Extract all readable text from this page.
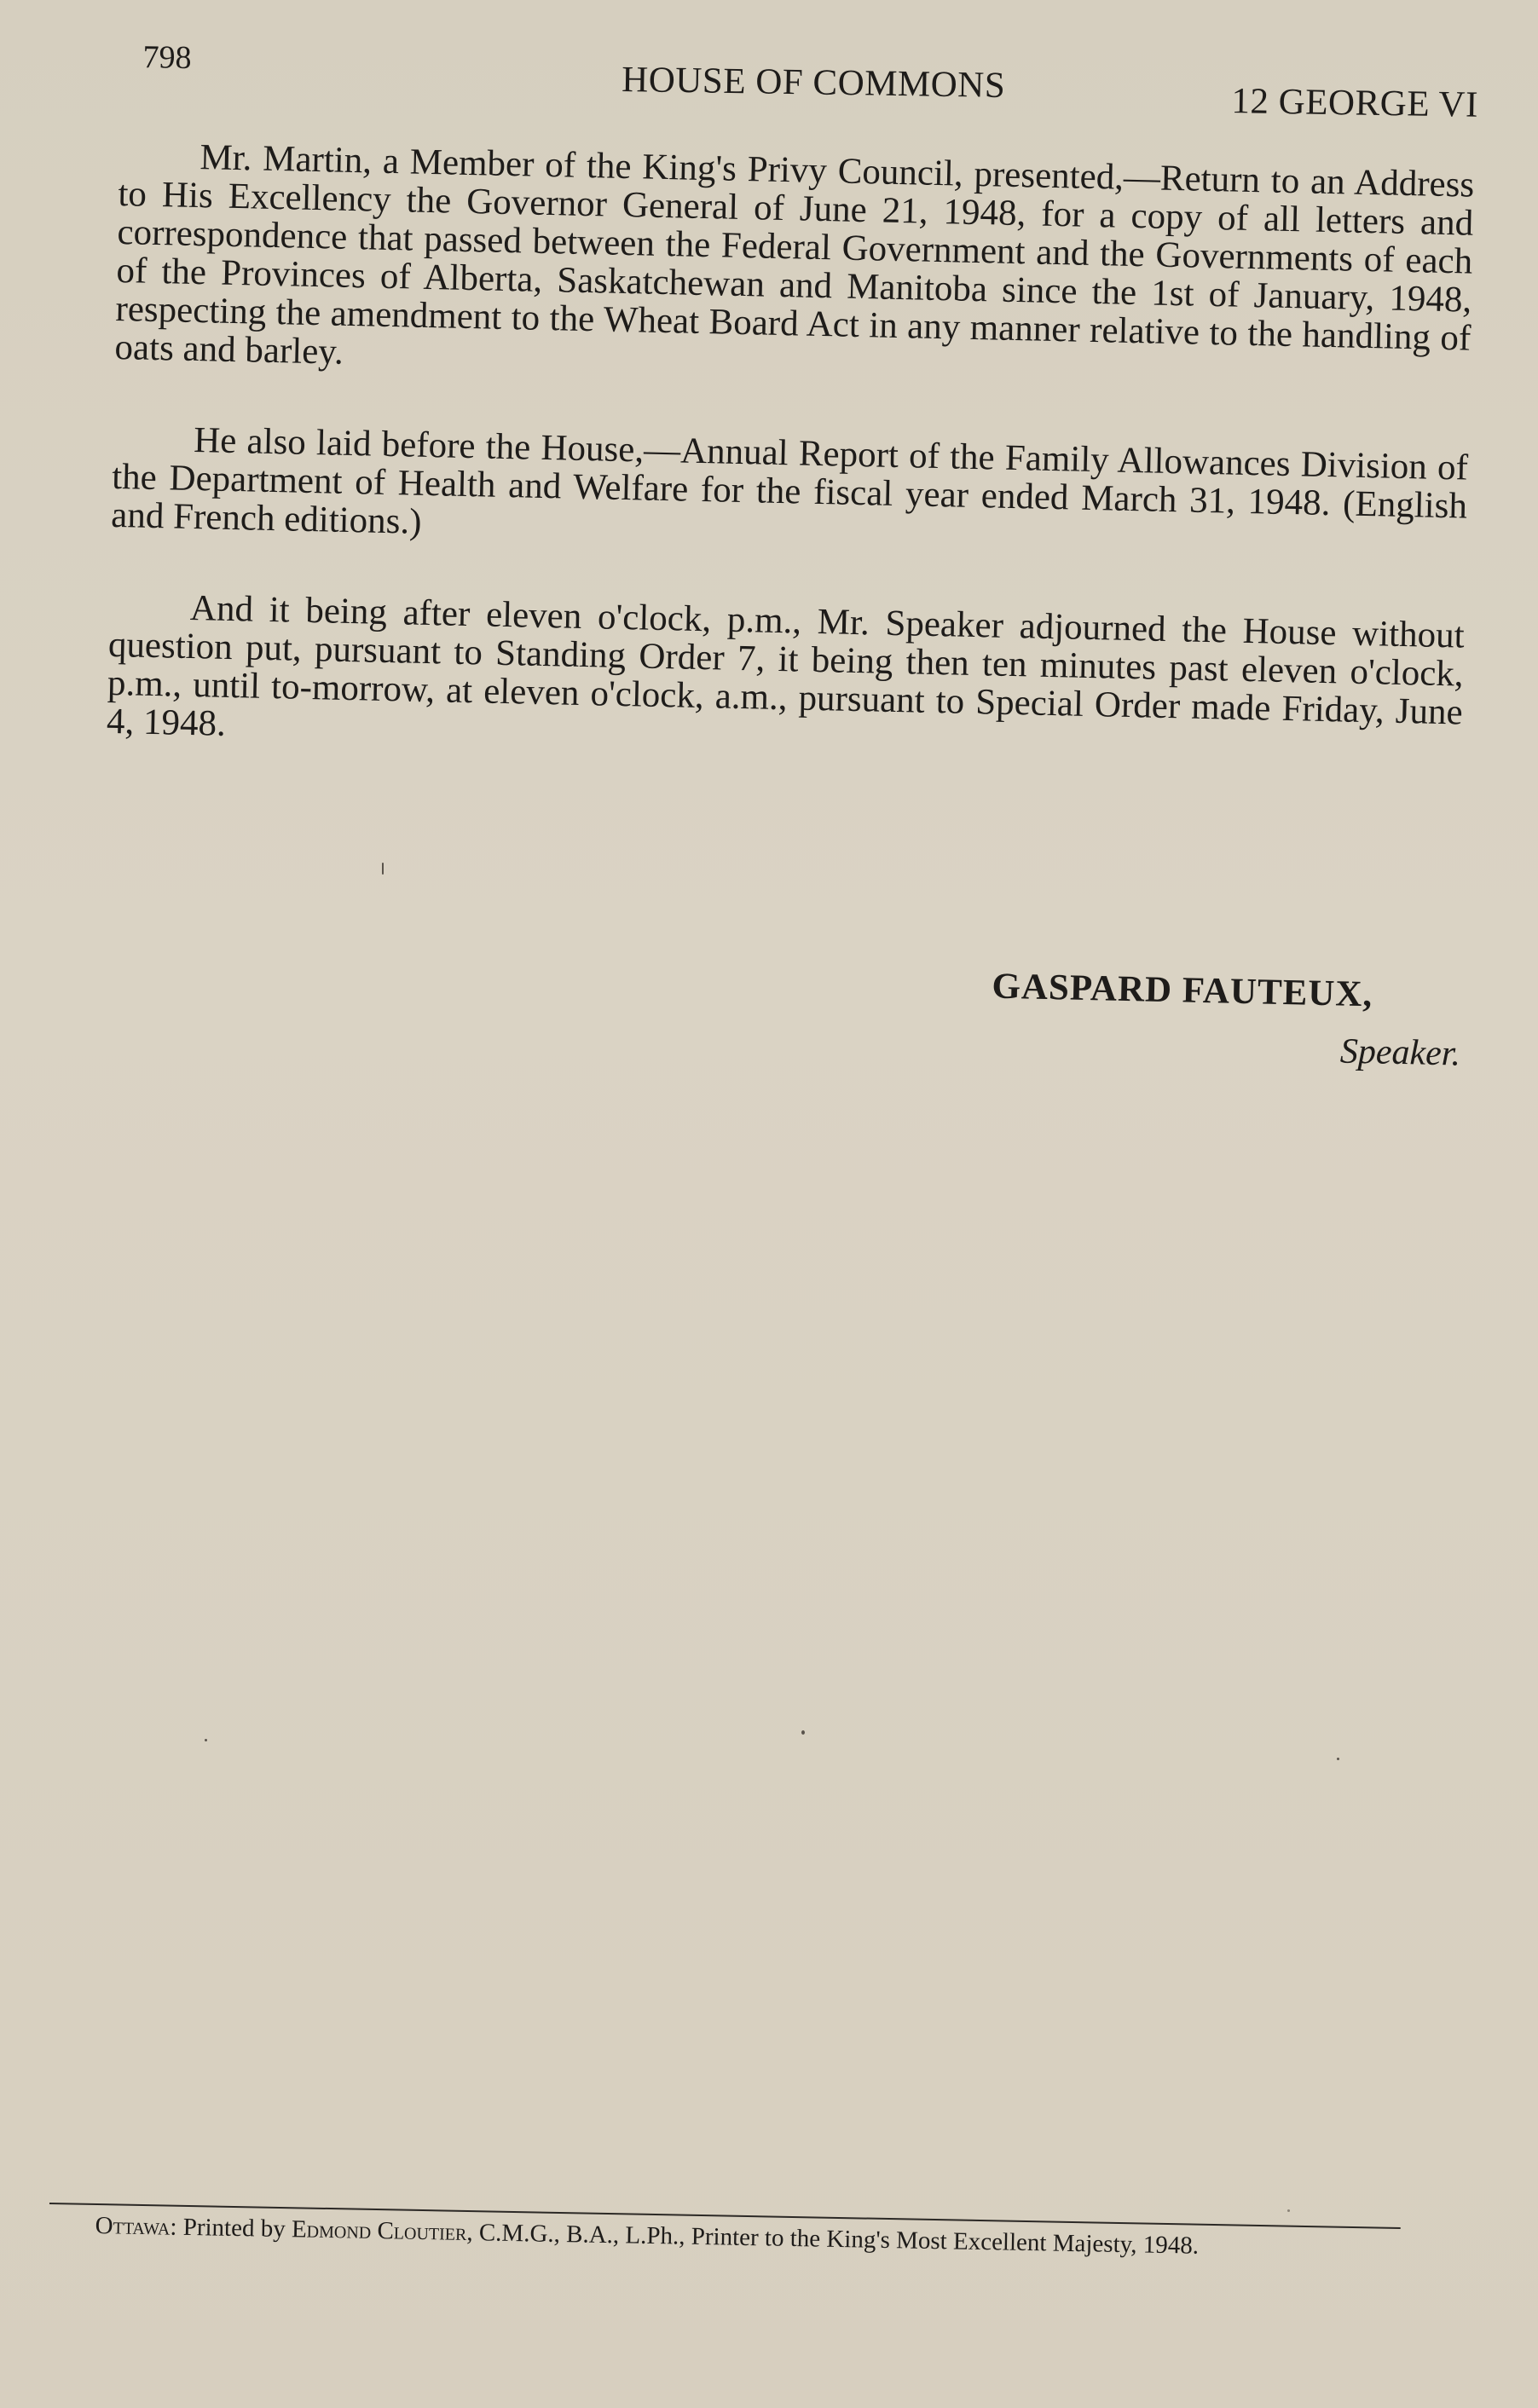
798
HOUSE OF COMMONS	12 GEORGE VI

Mr. Martin, a Member of the King's Privy Council, presented,—Return to an Address to His Excellency the Governor General of June 21, 1948, for a copy of all letters and correspondence that passed between the Federal Government and the Governments of each of the Provinces of Alberta, Saskatchewan and Manitoba since the 1st of January, 1948, respecting the amendment to the Wheat Board Act in any manner relative to the handling of oats and barley.

He also laid before the House,—Annual Report of the Family Allowances Division of the Department of Health and Welfare for the fiscal year ended March 31, 1948. (English and French editions.)

And it being after eleven o'clock, p.m., Mr. Speaker adjourned the House without question put, pursuant to Standing Order 7, it being then ten minutes past eleven o'clock, p.m., until to-morrow, at eleven o'clock, a.m., pursuant to Special Order made Friday, June 4, 1948.

GASPARD FAUTEUX,
Speaker.
Ottawa: Printed by Edmond Cloutier, C.M.G., B.A., L.Ph., Printer to the King's Most Excellent Majesty, 1948.
